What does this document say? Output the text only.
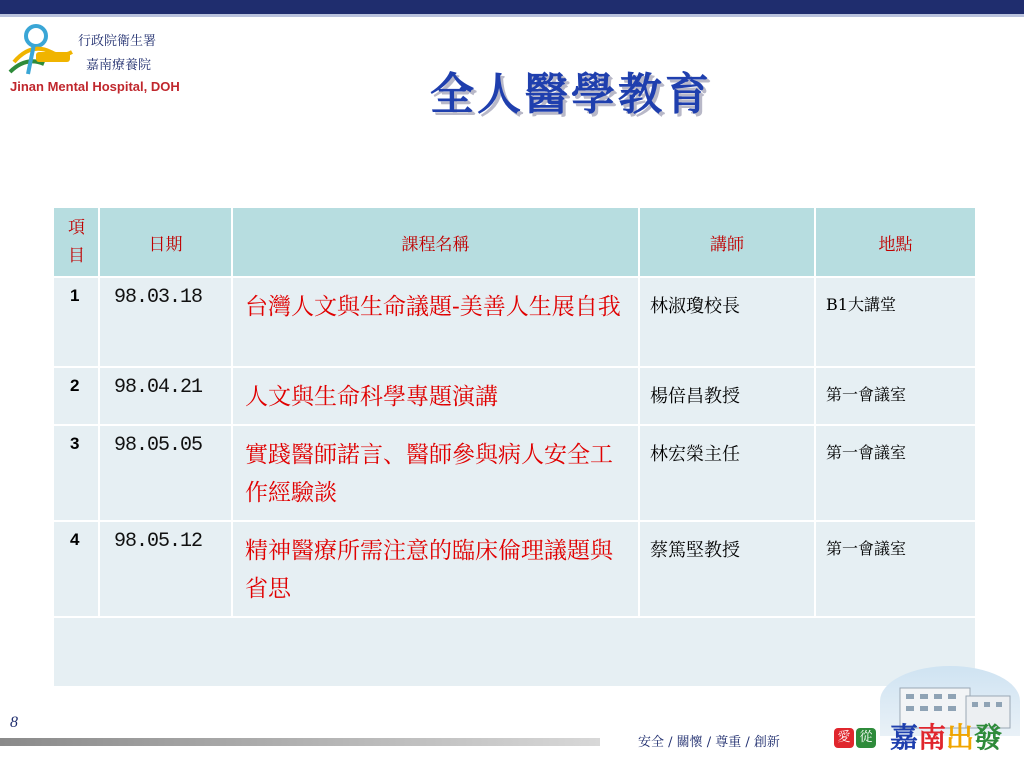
行政院衛生署
嘉南療養院
Jinan Mental Hospital, DOH	全人醫學教育
項目	日期	課程名稱	講師	地點
1	98.03.18	台灣人文與生命議題-美善人生展自我	林淑瓊校長	B1大講堂
2	98.04.21	人文與生命科學專題演講	楊倍昌教授	第一會議室
3	98.05.05	實踐醫師諾言、醫師參與病人安全工作經驗談	林宏榮主任	第一會議室
4	98.05.12	精神醫療所需注意的臨床倫理議題與省思	蔡篤堅教授	第一會議室

8
安全 / 關懷 / 尊重 / 創新	愛 從 嘉南出發
